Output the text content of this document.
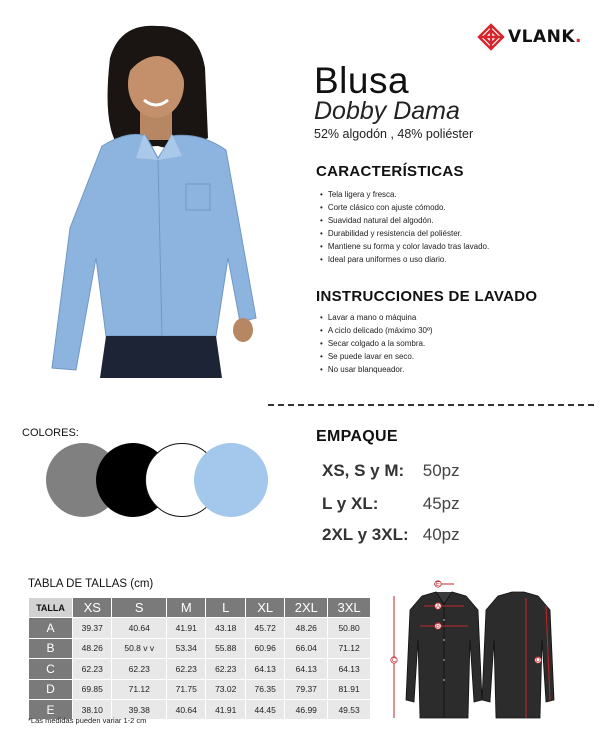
VLANK.
Blusa
Dobby Dama
52% algodón , 48% poliéster
CARACTERÍSTICAS
• Tela ligera y fresca.
• Corte clásico con ajuste cómodo.
• Suavidad natural del algodón.
• Durabilidad y resistencia del poliéster.
• Mantiene su forma y color lavado tras lavado.
• Ideal para uniformes o uso diario.
INSTRUCCIONES DE LAVADO
• Lavar a mano o máquina
• A ciclo delicado (máximo 30º)
• Secar colgado a la sombra.
• Se puede lavar en seco.
• No usar blanqueador.
COLORES:	EMPAQUE
XS, S y M: 50pz
L y XL:	45pz
2XL y 3XL: 40pz
TABLA DE TALLAS (cm)
TALLA	XS	S	M	L	XL	2XL	3XL
A	39.37	40.64	41.91	43.18	45.72	48.26	50.80
B	48.26	50.8 v v	53.34	55.88	60.96	66.04	71.12
C	62.23	62.23	62.23	62.23	64.13	64.13	64.13
D	69.85	71.12	71.75	73.02	76.35	79.37	81.91
E	38.10	39.38	40.64	41.91	44.45	46.99	49.53
*Las medidas pueden variar 1-2 cm
E
A
B
C	D
